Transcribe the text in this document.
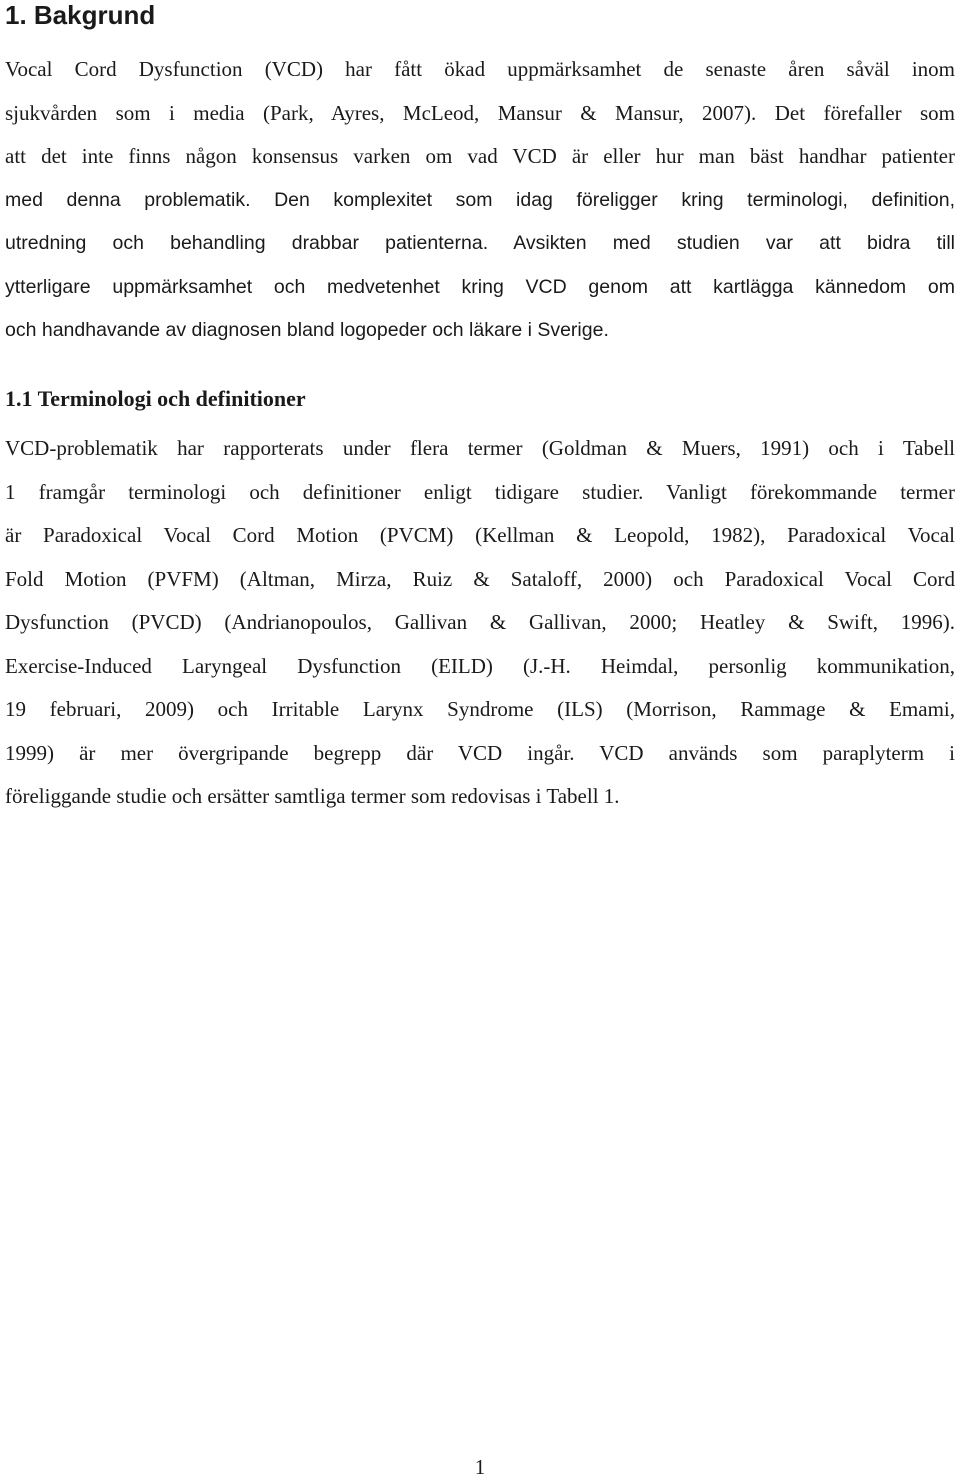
1. Bakgrund
Vocal Cord Dysfunction (VCD) har fått ökad uppmärksamhet de senaste åren såväl inom
sjukvården som i media (Park, Ayres, McLeod, Mansur & Mansur, 2007). Det förefaller som
att det inte finns någon konsensus varken om vad VCD är eller hur man bäst handhar patienter
med denna problematik. Den komplexitet som idag föreligger kring terminologi, definition,
utredning och behandling drabbar patienterna. Avsikten med studien var att bidra till
ytterligare uppmärksamhet och medvetenhet kring VCD genom att kartlägga kännedom om
och handhavande av diagnosen bland logopeder och läkare i Sverige.
1.1 Terminologi och definitioner
VCD-problematik har rapporterats under flera termer (Goldman & Muers, 1991) och i Tabell
1 framgår terminologi och definitioner enligt tidigare studier. Vanligt förekommande termer
är Paradoxical Vocal Cord Motion (PVCM) (Kellman & Leopold, 1982), Paradoxical Vocal
Fold Motion (PVFM) (Altman, Mirza, Ruiz & Sataloff, 2000) och Paradoxical Vocal Cord
Dysfunction (PVCD) (Andrianopoulos, Gallivan & Gallivan, 2000; Heatley & Swift, 1996).
Exercise-Induced Laryngeal Dysfunction (EILD) (J.-H. Heimdal, personlig kommunikation,
19 februari, 2009) och Irritable Larynx Syndrome (ILS) (Morrison, Rammage & Emami,
1999) är mer övergripande begrepp där VCD ingår. VCD används som paraplyterm i
föreliggande studie och ersätter samtliga termer som redovisas i Tabell 1.
1
